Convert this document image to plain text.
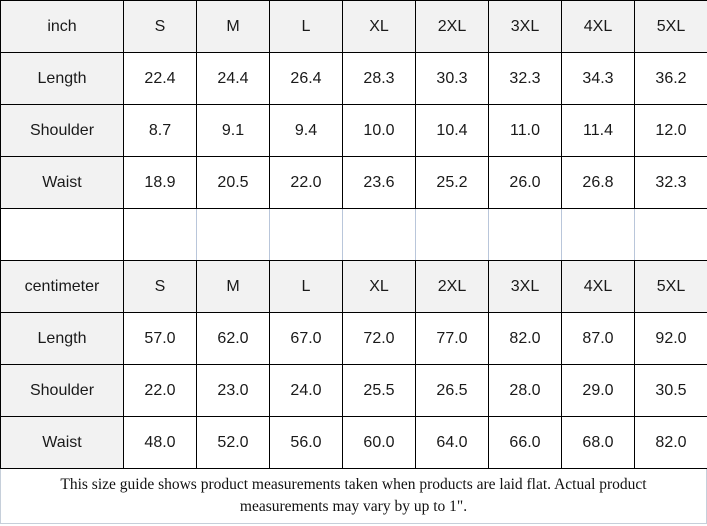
inch	S	M	L	XL	2XL	3XL	4XL	5XL
Length	22.4	24.4	26.4	28.3	30.3	32.3	34.3	36.2
Shoulder	8.7	9.1	9.4	10.0	10.4	11.0	11.4	12.0
Waist	18.9	20.5	22.0	23.6	25.2	26.0	26.8	32.3

centimeter	S	M	L	XL	2XL	3XL	4XL	5XL
Length	57.0	62.0	67.0	72.0	77.0	82.0	87.0	92.0
Shoulder	22.0	23.0	24.0	25.5	26.5	28.0	29.0	30.5
Waist	48.0	52.0	56.0	60.0	64.0	66.0	68.0	82.0

This size guide shows product measurements taken when products are laid flat. Actual product measurements may vary by up to 1".
